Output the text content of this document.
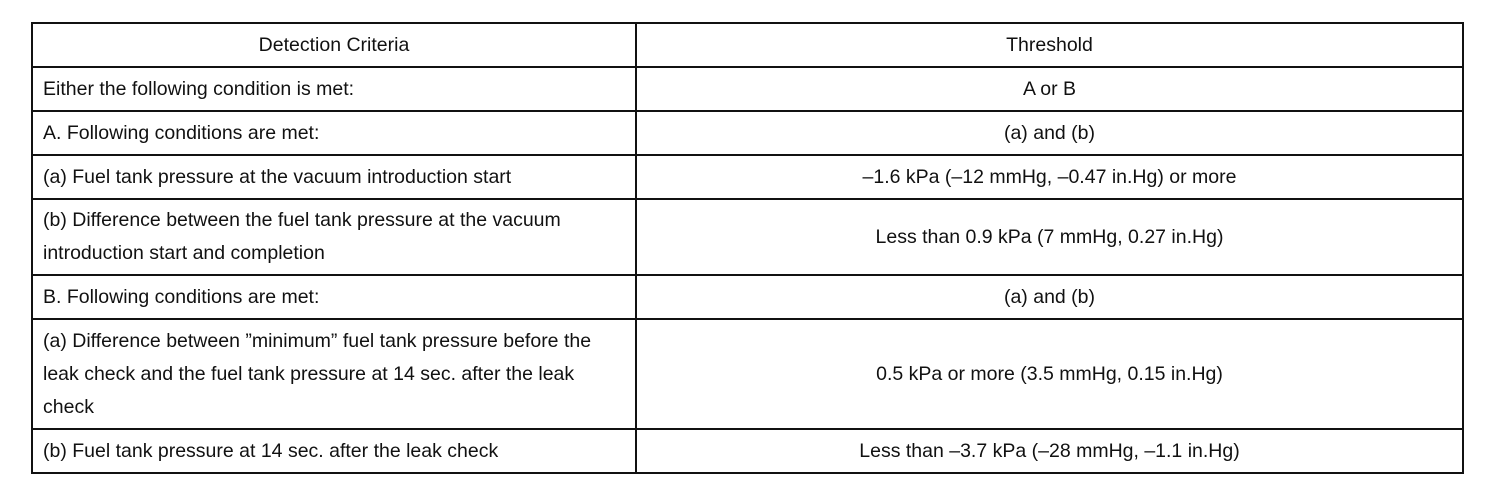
Detection Criteria	Threshold
Either the following condition is met:	A or B
A. Following conditions are met:	(a) and (b)
(a) Fuel tank pressure at the vacuum introduction start	–1.6 kPa (–12 mmHg, –0.47 in.Hg) or more
(b) Difference between the fuel tank pressure at the vacuum introduction start and completion	Less than 0.9 kPa (7 mmHg, 0.27 in.Hg)
B. Following conditions are met:	(a) and (b)
(a) Difference between ”minimum” fuel tank pressure before the leak check and the fuel tank pressure at 14 sec. after the leak check	0.5 kPa or more (3.5 mmHg, 0.15 in.Hg)
(b) Fuel tank pressure at 14 sec. after the leak check	Less than –3.7 kPa (–28 mmHg, –1.1 in.Hg)
